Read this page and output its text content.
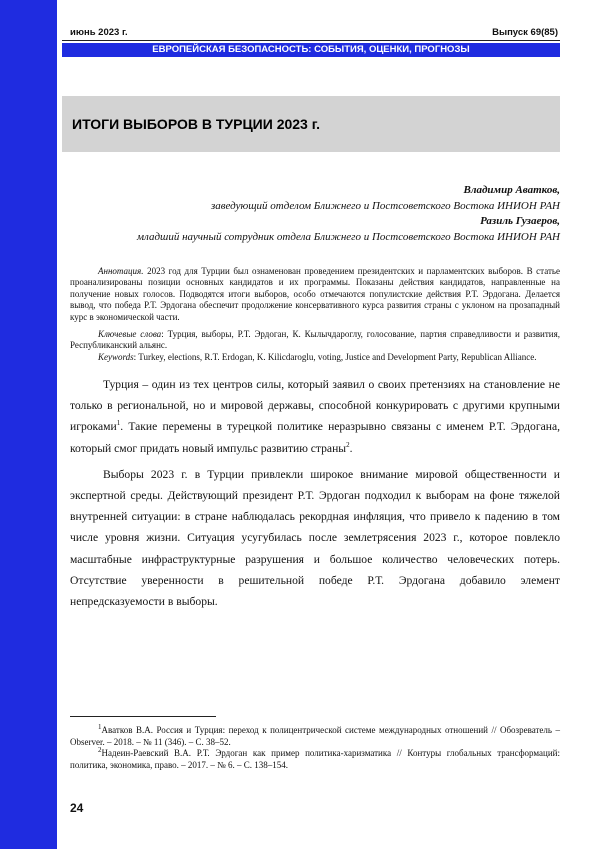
июнь 2023 г.	Выпуск 69(85)
ЕВРОПЕЙСКАЯ БЕЗОПАСНОСТЬ: СОБЫТИЯ, ОЦЕНКИ, ПРОГНОЗЫ
ИТОГИ ВЫБОРОВ В ТУРЦИИ 2023 г.
Владимир Аватков,
заведующий отделом Ближнего и Постсоветского Востока ИНИОН РАН
Разиль Гузаеров,
младший научный сотрудник отдела Ближнего и Постсоветского Востока ИНИОН РАН

Аннотация. 2023 год для Турции был ознаменован проведением президентских и парламентских выборов. В статье проанализированы позиции основных кандидатов и их программы. Показаны действия кандидатов, направленные на получение новых голосов. Подводятся итоги выборов, особо отмечаются популистские действия Р.Т. Эрдогана. Делается вывод, что победа Р.Т. Эрдогана обеспечит продолжение консервативного курса развития страны с уклоном на прозападный курс в экономической части.

Ключевые слова: Турция, выборы, Р.Т. Эрдоган, К. Кылычдароглу, голосование, партия справедливости и развития, Республиканский альянс.

Keywords: Turkey, elections, R.T. Erdogan, K. Kilicdaroglu, voting, Justice and Development Party, Republican Alliance.

Турция – один из тех центров силы, который заявил о своих претензиях на становление не только в региональной, но и мировой державы, способной конкурировать с другими крупными игроками$^1$. Такие перемены в турецкой политике неразрывно связаны с именем Р.Т. Эрдогана, который смог придать новый импульс развитию страны$^2$.

Выборы 2023 г. в Турции привлекли широкое внимание мировой общественности и экспертной среды. Действующий президент Р.Т. Эрдоган подходил к выборам на фоне тяжелой внутренней ситуации: в стране наблюдалась рекордная инфляция, что привело к падению в том числе уровня жизни. Ситуация усугубилась после землетрясения 2023 г., которое повлекло масштабные инфраструктурные разрушения и большое количество человеческих потерь. Отсутствие уверенности в решительной победе Р.Т. Эрдогана добавило элемент непредсказуемости в выборы.

$^1$Аватков В.А. Россия и Турция: переход к полицентрической системе международных отношений // Обозреватель – Observer. – 2018. – № 11 (346). – С. 38–52.

$^2$Надеин-Раевский В.А. Р.Т. Эрдоган как пример политика-харизматика // Контуры глобальных трансформаций: политика, экономика, право. – 2017. – № 6. – С. 138–154.

24
